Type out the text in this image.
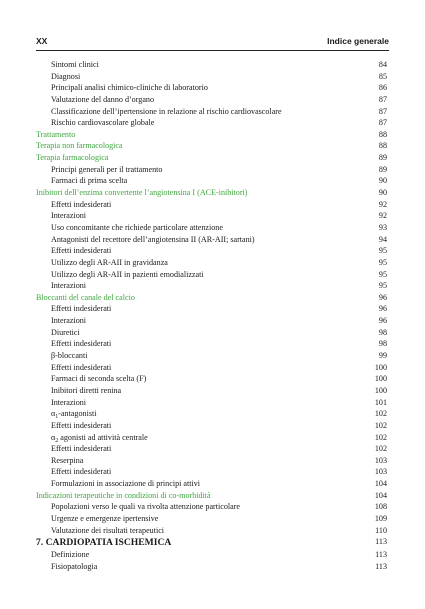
XX	Indice generale
Sintomi clinici	84
Diagnosi	85
Principali analisi chimico-cliniche di laboratorio	86
Valutazione del danno d’organo	87
Classificazione dell’ipertensione in relazione al rischio cardiovascolare	87
Rischio cardiovascolare globale	87
Trattamento	88
Terapia non farmacologica	88
Terapia farmacologica	89
Principi generali per il trattamento	89
Farmaci di prima scelta	90
Inibitori dell’enzima convertente l’angiotensina I (ACE-inibitori)	90
Effetti indesiderati	92
Interazioni	92
Uso concomitante che richiede particolare attenzione	93
Antagonisti del recettore dell’angiotensina II (AR-AII; sartani)	94
Effetti indesiderati	95
Utilizzo degli AR-AII in gravidanza	95
Utilizzo degli AR-AII in pazienti emodializzati	95
Interazioni	95
Bloccanti del canale del calcio	96
Effetti indesiderati	96
Interazioni	96
Diuretici	98
Effetti indesiderati	98
β-bloccanti	99
Effetti indesiderati	100
Farmaci di seconda scelta (F)	100
Inibitori diretti renina	100
Interazioni	101
$\alpha_1$-antagonisti	102
Effetti indesiderati	102
$\alpha_2$ agonisti ad attività centrale	102
Effetti indesiderati	102
Reserpina	103
Effetti indesiderati	103
Formulazioni in associazione di principi attivi	104
Indicazioni terapeutiche in condizioni di co-morbidità	104
Popolazioni verso le quali va rivolta attenzione particolare	108
Urgenze e emergenze ipertensive	109
Valutazione dei risultati terapeutici	110
7. CARDIOPATIA ISCHEMICA	113
Definizione	113
Fisiopatologia	113
